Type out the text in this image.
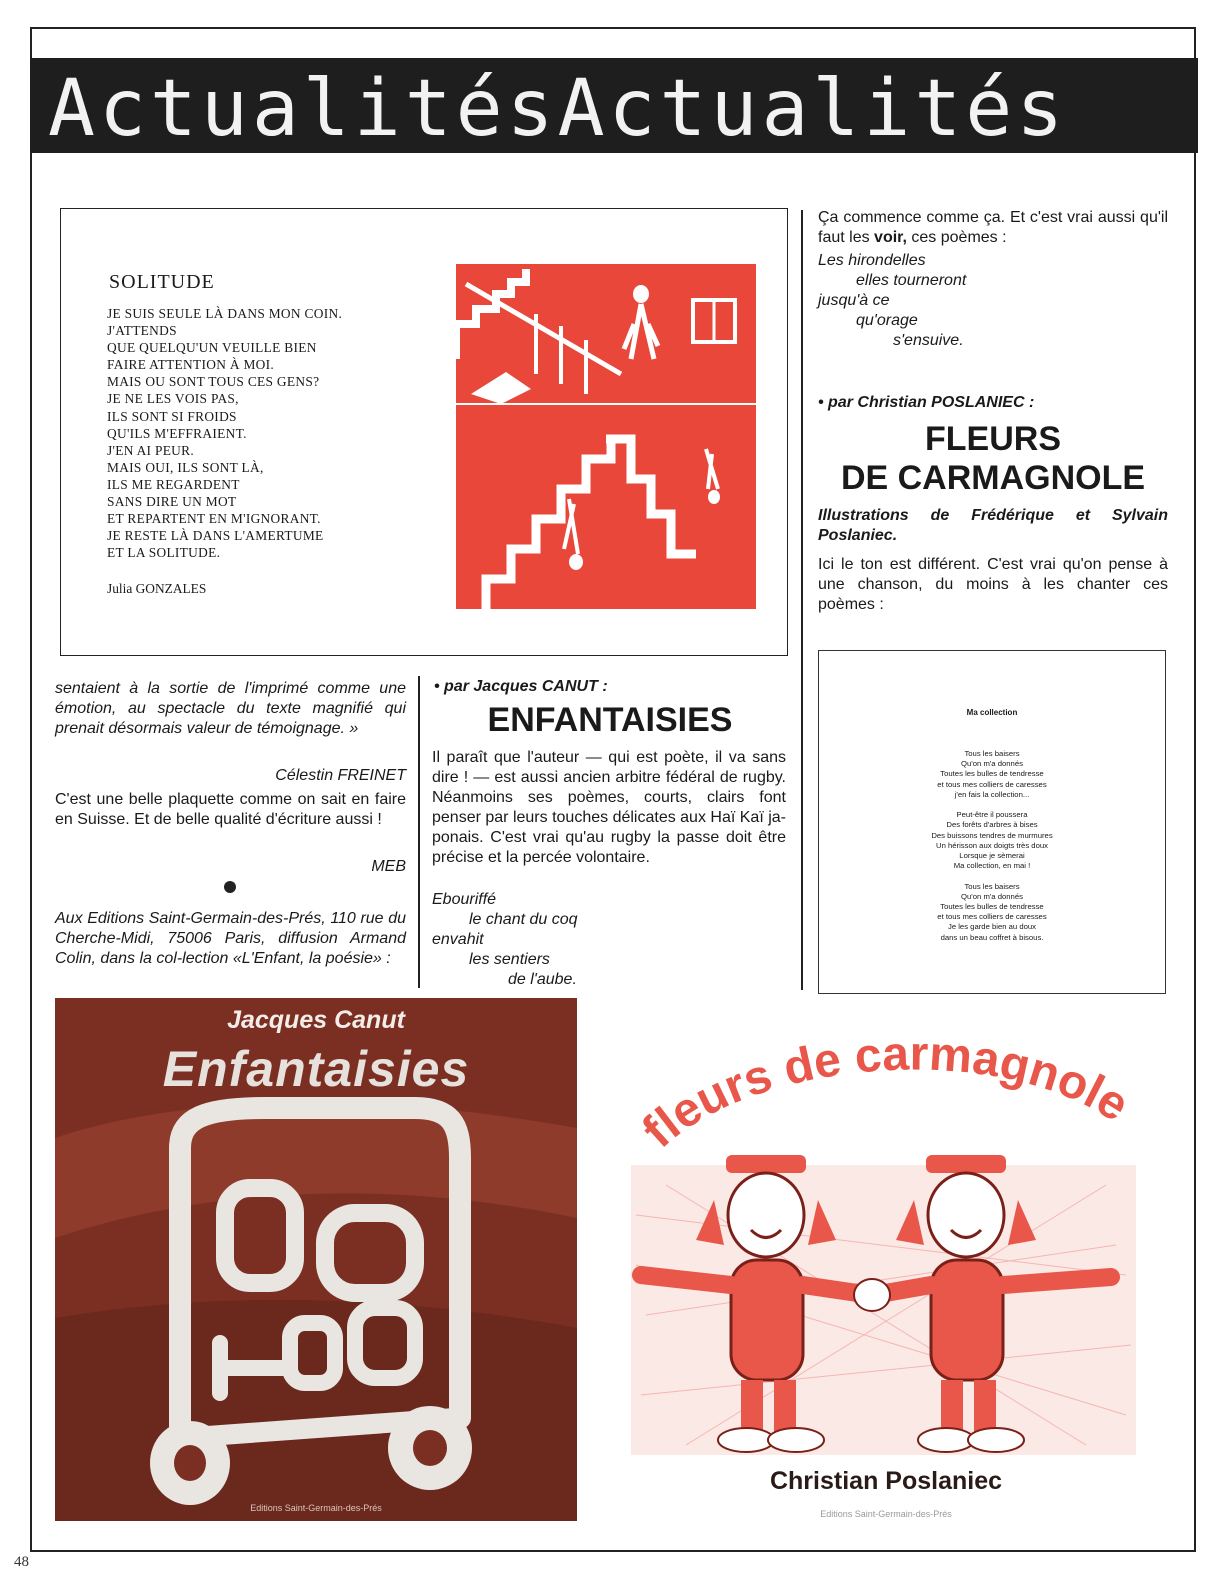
ActualitésActualités
SOLITUDE
JE SUIS SEULE LÀ DANS MON COIN.
J'ATTENDS
QUE QUELQU'UN VEUILLE BIEN
FAIRE ATTENTION À MOI.
MAIS OU SONT TOUS CES GENS?
JE NE LES VOIS PAS,
ILS SONT SI FROIDS
QU'ILS M'EFFRAIENT.
J'EN AI PEUR.
MAIS OUI, ILS SONT LÀ,
ILS ME REGARDENT
SANS DIRE UN MOT
ET REPARTENT EN M'IGNORANT.
JE RESTE LÀ DANS L'AMERTUME
ET LA SOLITUDE.
Julia GONZALES
sentaient à la sortie de l'imprimé comme une émotion, au spectacle du texte magnifié qui prenait désormais valeur de témoignage. »
Célestin FREINET
C'est une belle plaquette comme on sait en faire en Suisse. Et de belle qualité d'écriture aussi !
MEB
Aux Editions Saint-Germain-des-Prés, 110 rue du Cherche-Midi, 75006 Paris, diffusion Armand Colin, dans la col-lection «L'Enfant, la poésie» :
• par Jacques CANUT :
ENFANTAISIES
Il paraît que l'auteur — qui est poète, il va sans dire ! — est aussi ancien arbitre fédéral de rugby. Néanmoins ses poèmes, courts, clairs font penser par leurs touches délicates aux Haï Kaï ja-ponais. C'est vrai qu'au rugby la passe doit être précise et la percée volontaire.
Ebouriffé
le chant du coq
envahit
les sentiers
de l'aube.
Ça commence comme ça. Et c'est vrai aussi qu'il faut les voir, ces poèmes :
Les hirondelles
elles tourneront
jusqu'à ce
qu'orage
s'ensuive.
• par Christian POSLANIEC :
FLEURS
DE CARMAGNOLE
Illustrations de Frédérique et Sylvain Poslaniec.
Ici le ton est différent. C'est vrai qu'on pense à une chanson, du moins à les chanter ces poèmes :
Ma collection
Tous les baisers
Qu'on m'a donnés
Toutes les bulles de tendresse
et tous mes colliers de caresses
j'en fais la collection...

Peut-être il poussera
Des forêts d'arbres à bises
Des buissons tendres de murmures
Un hérisson aux doigts très doux
Lorsque je sèmerai
Ma collection, en mai !

Tous les baisers
Qu'on m'a donnés
Toutes les bulles de tendresse
et tous mes colliers de caresses
Je les garde bien au doux
dans un beau coffret à bisous.
Jacques Canut
Enfantaisies
Editions Saint-Germain-des-Prés
fleurs de carmagnole
Christian Poslaniec
Editions Saint-Germain-des-Prés
48
